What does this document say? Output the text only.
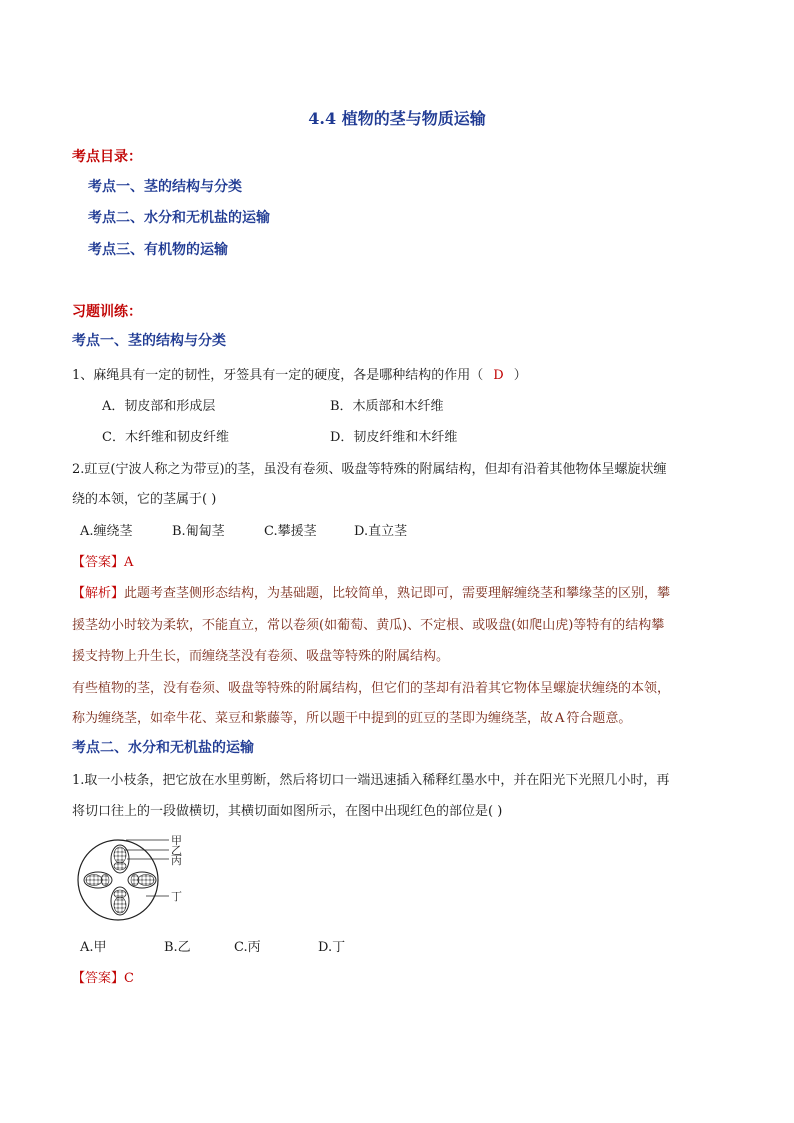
4.4 植物的茎与物质运输
考点目录：
考点一、茎的结构与分类
考点二、水分和无机盐的运输
考点三、有机物的运输
习题训练：
考点一、茎的结构与分类
1、麻绳具有一定的韧性，牙签具有一定的硬度，各是哪种结构的作用（ D ）
A．韧皮部和形成层	B．木质部和木纤维
C．木纤维和韧皮纤维	D．韧皮纤维和木纤维
2.豇豆(宁波人称之为带豆)的茎，虽没有卷须、吸盘等特殊的附属结构，但却有沿着其他物体呈螺旋状缠
绕的本领，它的茎属于( )
A.缠绕茎	B.匍匐茎	C.攀援茎	D.直立茎
【答案】A
【解析】此题考查茎侧形态结构，为基础题，比较简单，熟记即可，需要理解缠绕茎和攀缘茎的区别，攀
援茎幼小时较为柔软，不能直立，常以卷须(如葡萄、黄瓜)、不定根、或吸盘(如爬山虎)等特有的结构攀
援支持物上升生长，而缠绕茎没有卷须、吸盘等特殊的附属结构。
有些植物的茎，没有卷须、吸盘等特殊的附属结构，但它们的茎却有沿着其它物体呈螺旋状缠绕的本领，
称为缠绕茎，如牵牛花、菜豆和紫藤等，所以题干中提到的豇豆的茎即为缠绕茎，故 A 符合题意。
考点二、水分和无机盐的运输
1.取一小枝条，把它放在水里剪断，然后将切口一端迅速插入稀释红墨水中，并在阳光下光照几小时，再
将切口往上的一段做横切，其横切面如图所示，在图中出现红色的部位是( )
甲
乙
丙
丁
A.甲	B.乙	C.丙	D.丁
【答案】C
